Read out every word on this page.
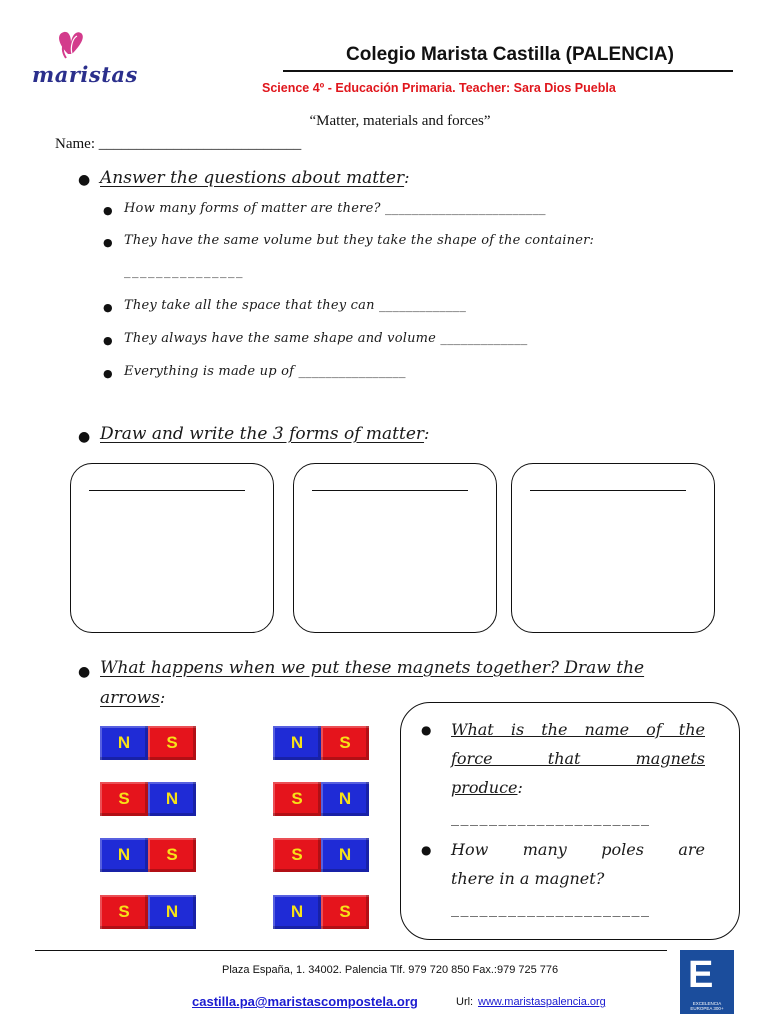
maristas
Colegio Marista Castilla (PALENCIA)
Science 4º - Educación Primaria. Teacher: Sara Dios Puebla
“Matter, materials and forces”
Name: ___________________________
● Answer the questions about matter:
● How many forms of matter are there? ________________________
● They have the same volume but they take the shape of the container:
_______________
● They take all the space that they can _____________
● They always have the same shape and volume _____________
● Everything is made up of ________________
● Draw and write the 3 forms of matter:
● What happens when we put these magnets together? Draw the
arrows:
N	S
S	N
N	S
S	N
N	S
S	N
S	N
N	S
● What is the name of the
force that magnets
produce:
_____________________
● How many poles are
there in a magnet?
_____________________
Plaza España, 1. 34002. Palencia Tlf. 979 720 850 Fax.:979 725 776
castilla.pa@maristascompostela.org	Url: www.maristaspalencia.org
E
EXCELENCIA EUROPEA 300+
